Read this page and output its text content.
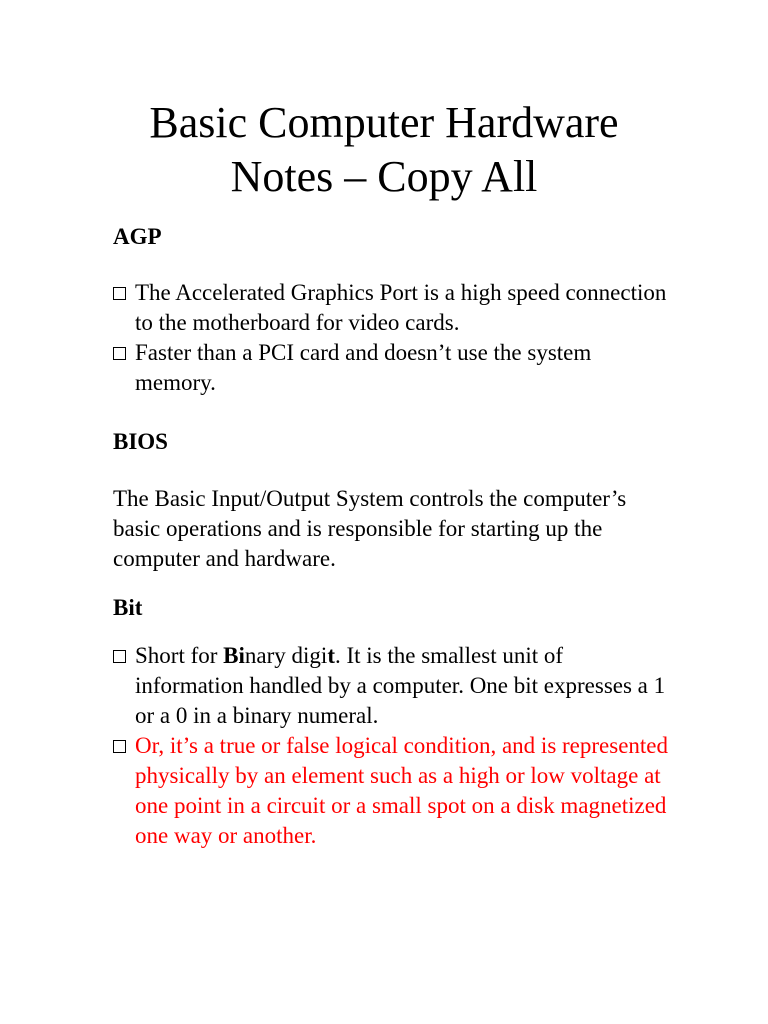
Basic Computer Hardware
Notes – Copy All
AGP
The Accelerated Graphics Port is a high speed connection to the motherboard for video cards.
Faster than a PCI card and doesn’t use the system memory.
BIOS

The Basic Input/Output System controls the computer’s basic operations and is responsible for starting up the computer and hardware.

Bit
Short for Binary digit. It is the smallest unit of information handled by a computer. One bit expresses a 1 or a 0 in a binary numeral.
Or, it’s a true or false logical condition, and is represented physically by an element such as a high or low voltage at one point in a circuit or a small spot on a disk magnetized one way or another.
